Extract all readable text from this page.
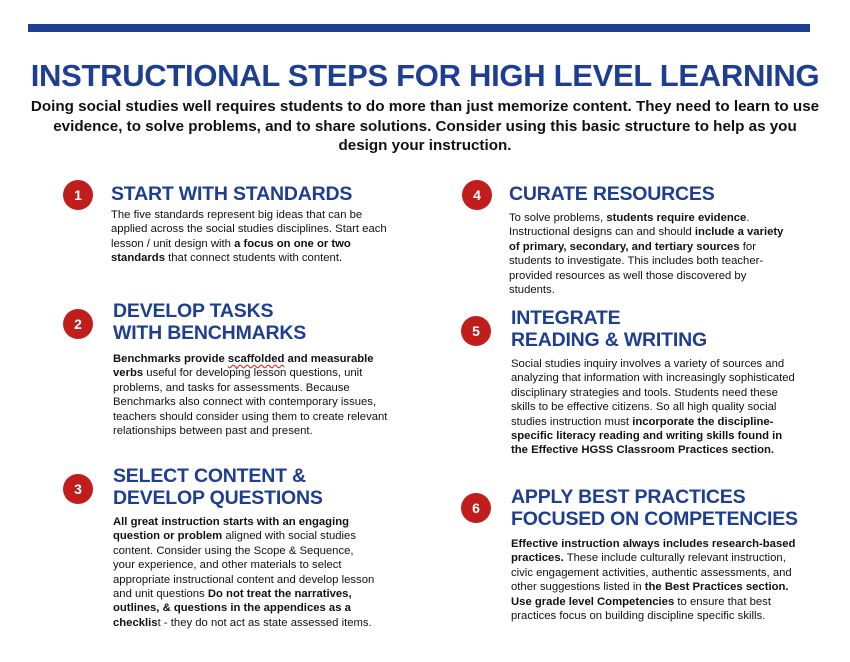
INSTRUCTIONAL STEPS FOR HIGH LEVEL LEARNING
Doing social studies well requires students to do more than just memorize content. They need to learn to use evidence, to solve problems, and to share solutions. Consider using this basic structure to help as you design your instruction.
1	START WITH STANDARDS
The five standards represent big ideas that can be applied across the social studies disciplines. Start each lesson / unit design with a focus on one or two standards that connect students with content.
2
DEVELOP TASKS
WITH BENCHMARKS
Benchmarks provide scaffolded and measurable verbs useful for developing lesson questions, unit problems, and tasks for assessments. Because Benchmarks also connect with contemporary issues, teachers should consider using them to create relevant relationships between past and present.
3
SELECT CONTENT &
DEVELOP QUESTIONS
All great instruction starts with an engaging question or problem aligned with social studies content. Consider using the Scope & Sequence, your experience, and other materials to select appropriate instructional content and develop lesson and unit questions Do not treat the narratives, outlines, & questions in the appendices as a checklist - they do not act as state assessed items.
4	CURATE RESOURCES
To solve problems, students require evidence. Instructional designs can and should include a variety of primary, secondary, and tertiary sources for students to investigate. This includes both teacher-provided resources as well those discovered by students.
5
INTEGRATE
READING & WRITING
Social studies inquiry involves a variety of sources and analyzing that information with increasingly sophisticated disciplinary strategies and tools. Students need these skills to be effective citizens. So all high quality social studies instruction must incorporate the discipline-specific literacy reading and writing skills found in the Effective HGSS Classroom Practices section.
6	APPLY BEST PRACTICES
FOCUSED ON COMPETENCIES
Effective instruction always includes research-based practices. These include culturally relevant instruction, civic engagement activities, authentic assessments, and other suggestions listed in the Best Practices section. Use grade level Competencies to ensure that best practices focus on building discipline specific skills.
